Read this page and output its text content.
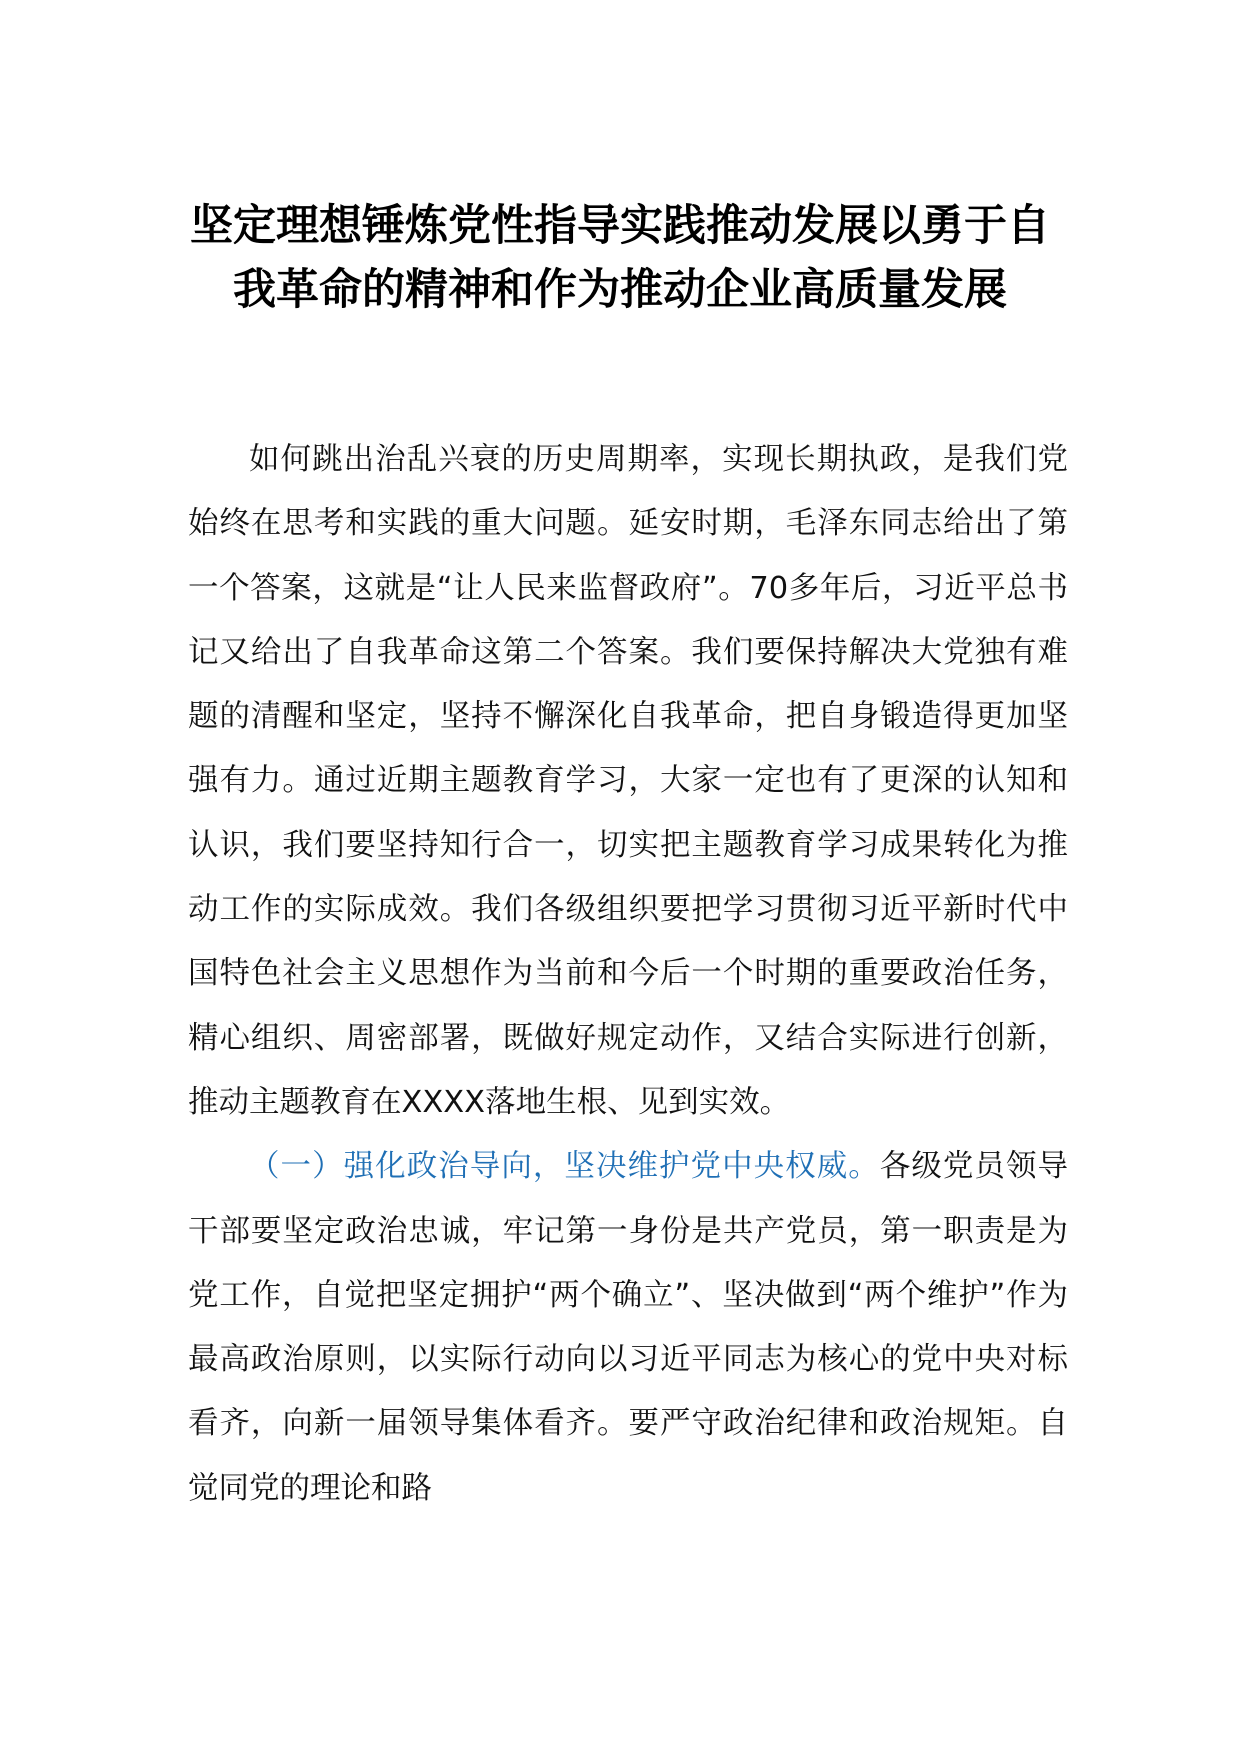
坚定理想锤炼党性指导实践推动发展以勇于自我革命的精神和作为推动企业高质量发展

如何跳出治乱兴衰的历史周期率，实现长期执政，是我们党始终在思考和实践的重大问题。延安时期，毛泽东同志给出了第一个答案，这就是“让人民来监督政府”。70多年后，习近平总书记又给出了自我革命这第二个答案。我们要保持解决大党独有难题的清醒和坚定，坚持不懈深化自我革命，把自身锻造得更加坚强有力。通过近期主题教育学习，大家一定也有了更深的认知和认识，我们要坚持知行合一，切实把主题教育学习成果转化为推动工作的实际成效。我们各级组织要把学习贯彻习近平新时代中国特色社会主义思想作为当前和今后一个时期的重要政治任务，精心组织、周密部署，既做好规定动作，又结合实际进行创新，推动主题教育在XXXX落地生根、见到实效。

（一）强化政治导向，坚决维护党中央权威。各级党员领导干部要坚定政治忠诚，牢记第一身份是共产党员，第一职责是为党工作，自觉把坚定拥护“两个确立”、坚决做到“两个维护”作为最高政治原则，以实际行动向以习近平同志为核心的党中央对标看齐，向新一届领导集体看齐。要严守政治纪律和政治规矩。自觉同党的理论和路
